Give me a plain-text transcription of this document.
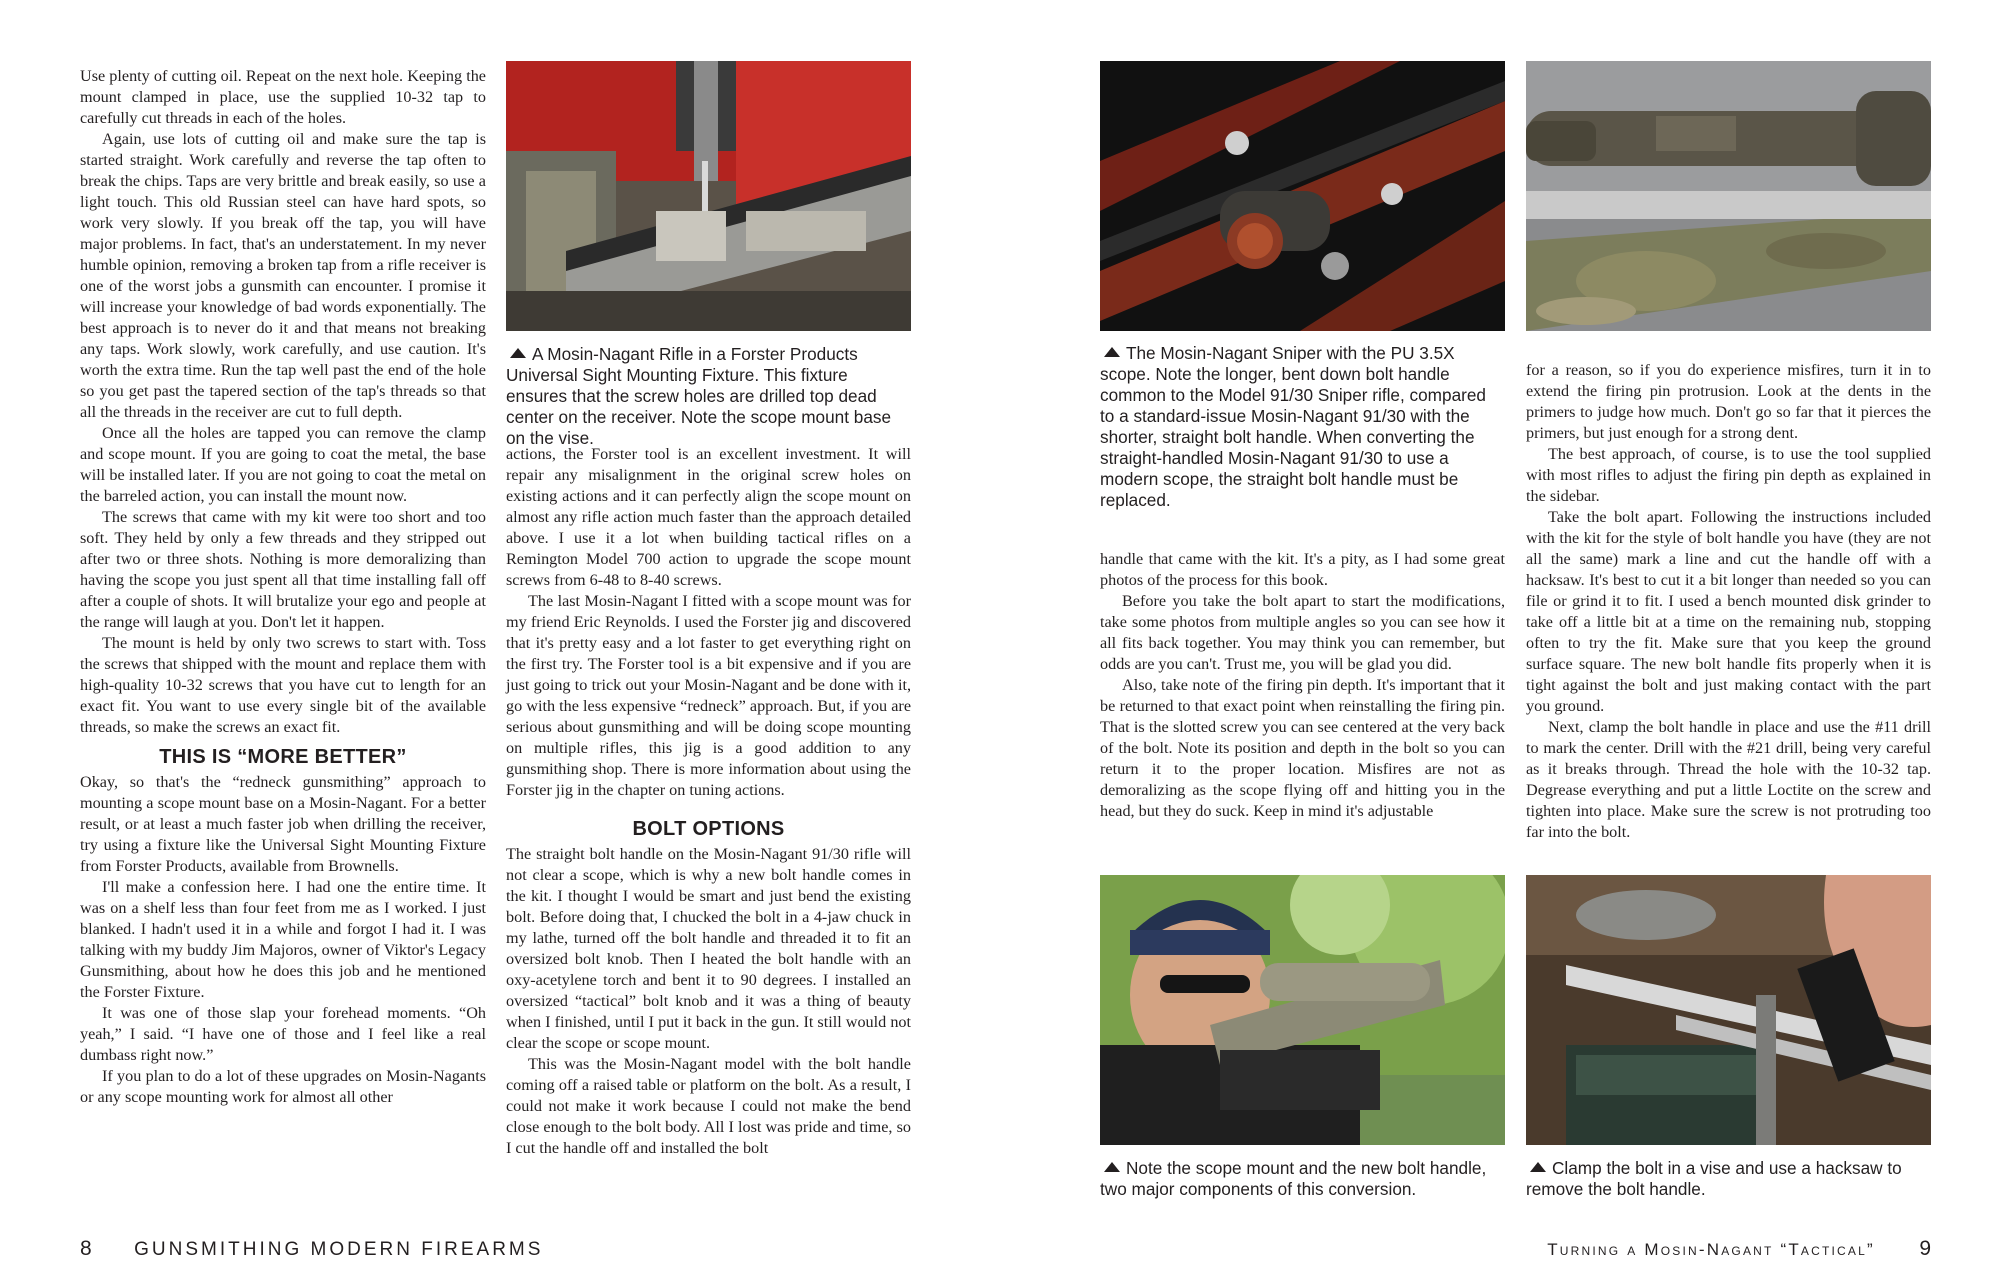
Use plenty of cutting oil. Repeat on the next hole. Keeping the mount clamped in place, use the supplied 10-32 tap to carefully cut threads in each of the holes.

Again, use lots of cutting oil and make sure the tap is started straight. Work carefully and reverse the tap often to break the chips. Taps are very brittle and break easily, so use a light touch. This old Russian steel can have hard spots, so work very slowly. If you break off the tap, you will have major problems. In fact, that's an understatement. In my never humble opinion, removing a broken tap from a rifle receiver is one of the worst jobs a gunsmith can encounter. I promise it will increase your knowledge of bad words exponentially. The best approach is to never do it and that means not breaking any taps. Work slowly, work carefully, and use caution. It's worth the extra time. Run the tap well past the end of the hole so you get past the tapered section of the tap's threads so that all the threads in the receiver are cut to full depth.

Once all the holes are tapped you can remove the clamp and scope mount. If you are going to coat the metal, the base will be installed later. If you are not going to coat the metal on the barreled action, you can install the mount now.

The screws that came with my kit were too short and too soft. They held by only a few threads and they stripped out after two or three shots. Nothing is more demoralizing than having the scope you just spent all that time installing fall off after a couple of shots. It will brutalize your ego and people at the range will laugh at you. Don't let it happen.

The mount is held by only two screws to start with. Toss the screws that shipped with the mount and replace them with high-quality 10-32 screws that you have cut to length for an exact fit. You want to use every single bit of the available threads, so make the screws an exact fit.

THIS IS “MORE BETTER”

Okay, so that's the “redneck gunsmithing” approach to mounting a scope mount base on a Mosin-Nagant. For a better result, or at least a much faster job when drilling the receiver, try using a fixture like the Universal Sight Mounting Fixture from Forster Products, available from Brownells.

I'll make a confession here. I had one the entire time. It was on a shelf less than four feet from me as I worked. I just blanked. I hadn't used it in a while and forgot I had it. I was talking with my buddy Jim Majoros, owner of Viktor's Legacy Gunsmithing, about how he does this job and he mentioned the Forster Fixture.

It was one of those slap your forehead moments. “Oh yeah,” I said. “I have one of those and I feel like a real dumbass right now.”

If you plan to do a lot of these upgrades on Mosin-Nagants or any scope mounting work for almost all other

A Mosin-Nagant Rifle in a Forster Products Universal Sight Mounting Fixture. This fixture ensures that the screw holes are drilled top dead center on the receiver. Note the scope mount base on the vise.

actions, the Forster tool is an excellent investment. It will repair any misalignment in the original screw holes on existing actions and it can perfectly align the scope mount on almost any rifle action much faster than the approach detailed above. I use it a lot when building tactical rifles on a Remington Model 700 action to upgrade the scope mount screws from 6-48 to 8-40 screws.

The last Mosin-Nagant I fitted with a scope mount was for my friend Eric Reynolds. I used the Forster jig and discovered that it's pretty easy and a lot faster to get everything right on the first try. The Forster tool is a bit expensive and if you are just going to trick out your Mosin-Nagant and be done with it, go with the less expensive “redneck” approach. But, if you are serious about gunsmithing and will be doing scope mounting on multiple rifles, this jig is a good addition to any gunsmithing shop. There is more information about using the Forster jig in the chapter on tuning actions.

BOLT OPTIONS

The straight bolt handle on the Mosin-Nagant 91/30 rifle will not clear a scope, which is why a new bolt handle comes in the kit. I thought I would be smart and just bend the existing bolt. Before doing that, I chucked the bolt in a 4-jaw chuck in my lathe, turned off the bolt handle and threaded it to fit an oversized bolt knob. Then I heated the bolt handle with an oxy-acetylene torch and bent it to 90 degrees. I installed an oversized “tactical” bolt knob and it was a thing of beauty when I finished, until I put it back in the gun. It still would not clear the scope or scope mount.

This was the Mosin-Nagant model with the bolt handle coming off a raised table or platform on the bolt. As a result, I could not make it work because I could not make the bend close enough to the bolt body. All I lost was pride and time, so I cut the handle off and installed the bolt

8 GUNSMITHING MODERN FIREARMS
The Mosin-Nagant Sniper with the PU 3.5X scope. Note the longer, bent down bolt handle common to the Model 91/30 Sniper rifle, compared to a standard-issue Mosin-Nagant 91/30 with the shorter, straight bolt handle. When converting the straight-handled Mosin-Nagant 91/30 to use a modern scope, the straight bolt handle must be replaced.

handle that came with the kit. It's a pity, as I had some great photos of the process for this book.

Before you take the bolt apart to start the modifications, take some photos from multiple angles so you can see how it all fits back together. You may think you can remember, but odds are you can't. Trust me, you will be glad you did.

Also, take note of the firing pin depth. It's important that it be returned to that exact point when reinstalling the firing pin. That is the slotted screw you can see centered at the very back of the bolt. Note its position and depth in the bolt so you can return it to the proper location. Misfires are not as demoralizing as the scope flying off and hitting you in the head, but they do suck. Keep in mind it's adjustable

for a reason, so if you do experience misfires, turn it in to extend the firing pin protrusion. Look at the dents in the primers to judge how much. Don't go so far that it pierces the primers, but just enough for a strong dent.

The best approach, of course, is to use the tool supplied with most rifles to adjust the firing pin depth as explained in the sidebar.

Take the bolt apart. Following the instructions included with the kit for the style of bolt handle you have (they are not all the same) mark a line and cut the handle off with a hacksaw. It's best to cut it a bit longer than needed so you can file or grind it to fit. I used a bench mounted disk grinder to take off a little bit at a time on the remaining nub, stopping often to try the fit. Make sure that you keep the ground surface square. The new bolt handle fits properly when it is tight against the bolt and just making contact with the part you ground.

Next, clamp the bolt handle in place and use the #11 drill to mark the center. Drill with the #21 drill, being very careful as it breaks through. Thread the hole with the 10-32 tap. Degrease everything and put a little Loctite on the screw and tighten into place. Make sure the screw is not protruding too far into the bolt.

Note the scope mount and the new bolt handle, two major components of this conversion.
Clamp the bolt in a vise and use a hacksaw to remove the bolt handle.
Turning a Mosin-Nagant “Tactical” 9
